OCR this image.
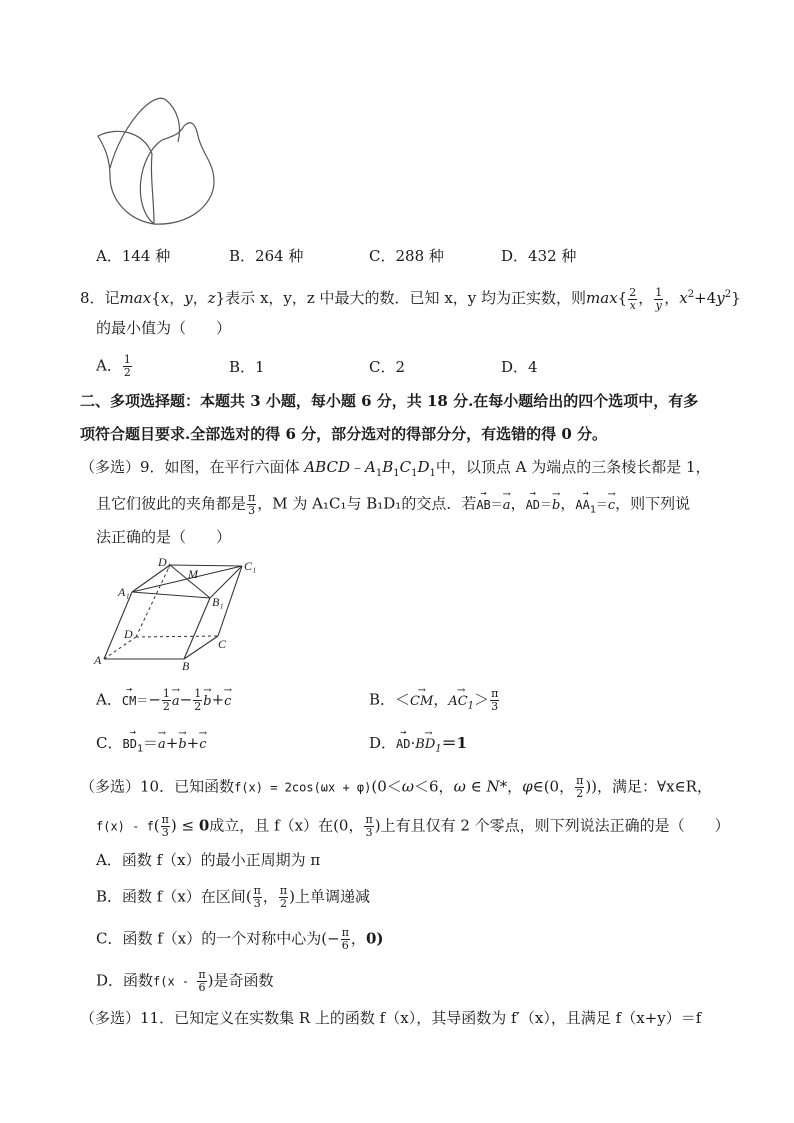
A．144 种	B．264 种	C．288 种	D．432 种
8．记max{x，y，z}表示 x，y，z 中最大的数．已知 x，y 均为正实数，则$\max\{ \frac{2}{x}$ ， $\frac{1}{y}$ ，$x^2+4y^2$}
的最小值为（　　）
A． $\frac{1}{2}$	B．1	C．2	D．4
二、多项选择题：本题共 3 小题，每小题 6 分，共 18 分.在每小题给出的四个选项中，有多
项符合题目要求.全部选对的得 6 分，部分选对的得部分分，有选错的得 0 分。
（多选）9．如图，在平行六面体 $ABCD﹣A_1B_1C_1D_1$中，以顶点 A 为端点的三条棱长都是 1，
且它们彼此的夹角都是 $\frac{\pi}{3}$ ，M 为 A₁C₁与 B₁D₁的交点．若→ AB＝→ a，→ AD＝→ b，→ $AA_1=\to c$，则下列说
法正确的是（　　）
D₁
M
C₁
A₁
B₁
D
C
A	B
A．→ $CM=- \frac{1}{2}$
→ $a- \frac{1}{2}$
→ b+→ c	B．＜→ CM，→ $AC_1> \frac{\pi}{3}$
C．→ $BD_1=\to a+\to b+\to c$	D．→ $AD\cdot\to BD_1=1$
（多选）10．已知函数f(x) = 2cos(ωx + φ)(0＜ω＜6，ω ∈ N*，φ∈(0， $\frac{\pi}{2}$ ))，满足：∀x∈R，
$f(x) - f( \frac{\pi}{3}$ ) ≤ 0成立，且 f（x）在(0， $\frac{\pi}{3}$ )上有且仅有 2 个零点，则下列说法正确的是（　　）
A．函数 f（x）的最小正周期为 π
B．函数 f（x）在区间( $\frac{\pi}{3}$ ， $\frac{\pi}{2}$ )上单调递减
C．函数 f（x）的一个对称中心为(− $\frac{\pi}{6}$ ，0)
D．函数$f(x - \frac{\pi}{6}$ )是奇函数
（多选）11．已知定义在实数集 R 上的函数 f（x），其导函数为 f′（x），且满足 f（x+y）＝f
